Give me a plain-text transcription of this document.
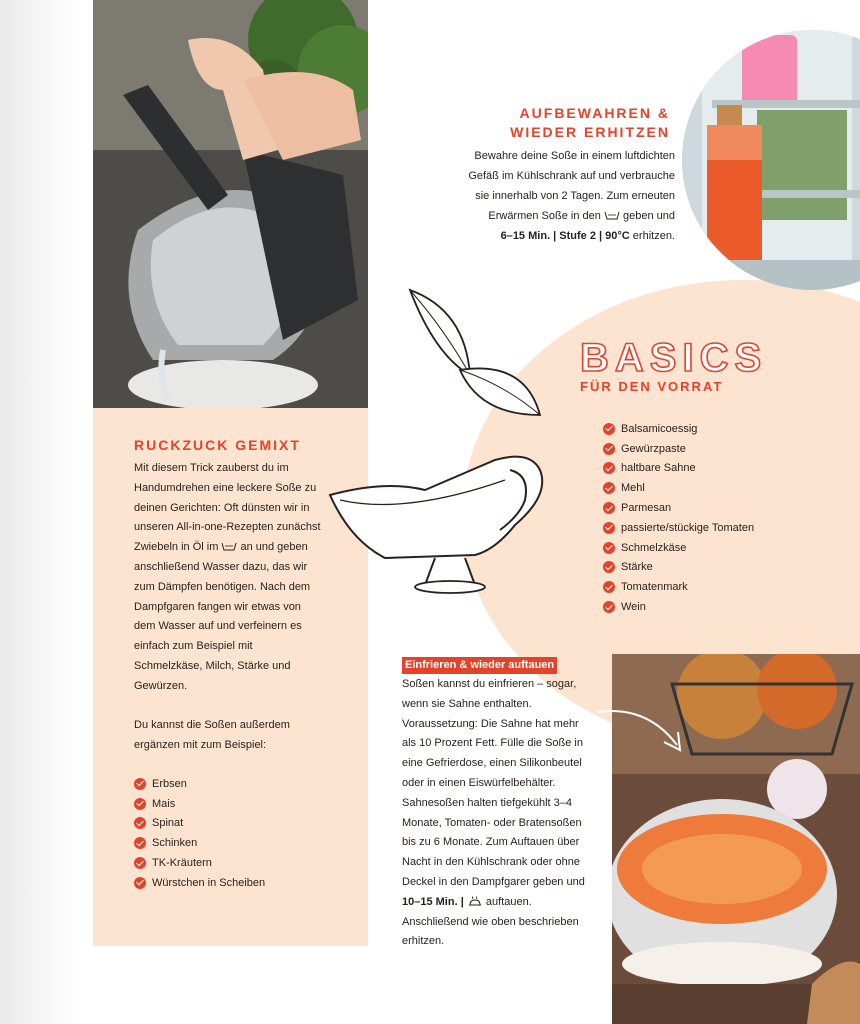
AUFBEWAHREN &
WIEDER ERHITZEN
Bewahre deine Soße in einem luftdichten
Gefäß im Kühlschrank auf und verbrauche
sie innerhalb von 2 Tagen. Zum erneuten
Erwärmen Soße in den geben und
6–15 Min. | Stufe 2 | 90°C erhitzen.
BASICS
FÜR DEN VORRAT
Balsamicoessig
Gewürzpaste
haltbare Sahne
Mehl
Parmesan
passierte/stückige Tomaten
Schmelzkäse
Stärke
Tomatenmark
Wein
RUCKZUCK GEMIXT

Mit diesem Trick zauberst du im Handumdrehen eine leckere Soße zu deinen Gerichten: Oft dünsten wir in unseren All-in-one-Rezepten zunächst Zwiebeln in Öl im an und geben anschließend Wasser dazu, das wir zum Dämpfen benötigen. Nach dem Dampfgaren fangen wir etwas von dem Wasser auf und verfeinern es einfach zum Beispiel mit Schmelzkäse, Milch, Stärke und Gewürzen.

Du kannst die Soßen außerdem ergänzen mit zum Beispiel:

Erbsen
Mais
Spinat
Schinken
TK-Kräutern
Würstchen in Scheiben
Einfrieren & wieder auftauen

Soßen kannst du einfrieren – sogar, wenn sie Sahne enthalten. Voraussetzung: Die Sahne hat mehr als 10 Prozent Fett. Fülle die Soße in eine Gefrierdose, einen Silikonbeutel oder in einen Eiswürfelbehälter. Sahnesoßen halten tiefgekühlt 3–4 Monate, Tomaten- oder Bratensoßen bis zu 6 Monate. Zum Auftauen über Nacht in den Kühlschrank oder ohne Deckel in den Dampfgarer geben und 10–15 Min. | auftauen. Anschließend wie oben beschrieben erhitzen.
